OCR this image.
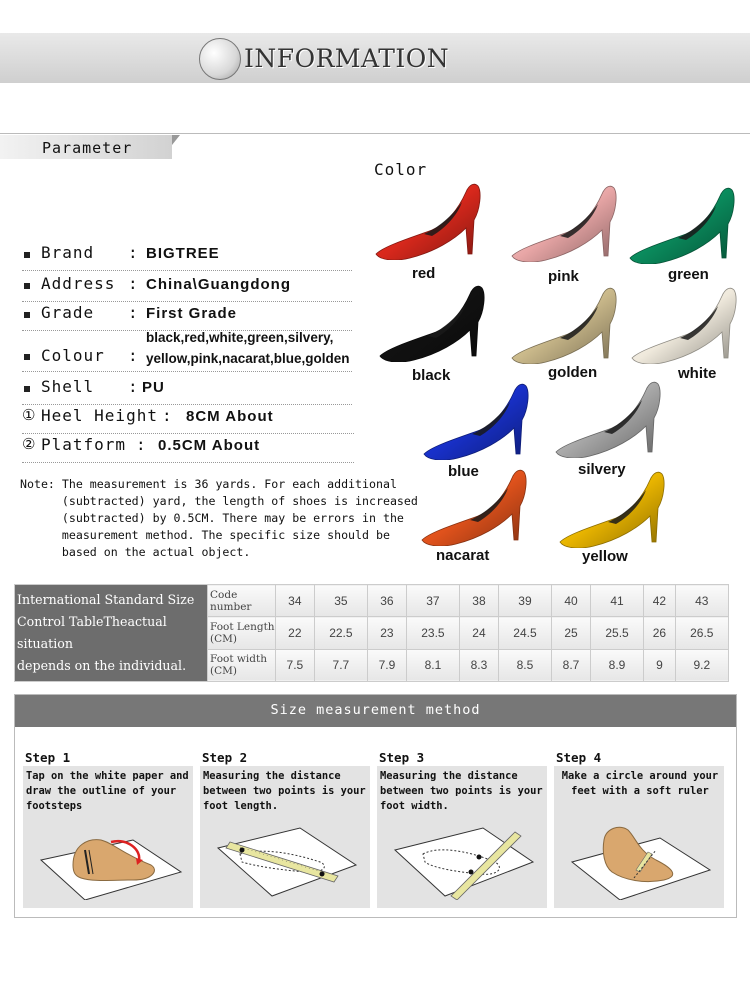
INFORMATION
Parameter
Brand : BIGTREE
Address : China\Guangdong
Grade : First Grade
Colour :
black,red,white,green,silvery,
yellow,pink,nacarat,blue,golden
Shell : PU
① Heel Height : 8CM About
② Platform : 0.5CM About
Note: The measurement is 36 yards. For each additional
(subtracted) yard, the length of shoes is increased
(subtracted) by 0.5CM. There may be errors in the
measurement method. The specific size should be
based on the actual object.
Color
red	pink	green
black	golden	white
blue	silvery
nacarat	yellow
International Standard Size
Control TableTheactual situation
depends on the individual.	Code number	34	35	36	37	38	39	40	41	42	43
	Foot Length (CM)	22	22.5	23	23.5	24	24.5	25	25.5	26	26.5
	Foot width (CM)	7.5	7.7	7.9	8.1	8.3	8.5	8.7	8.9	9	9.2
Size measurement method
Step 1
Tap on the white paper and draw the outline of your footsteps
Step 2
Measuring the distance between two points is your foot length.
Step 3
Measuring the distance between two points is your foot width.
Step 4
Make a circle around your feet with a soft ruler
